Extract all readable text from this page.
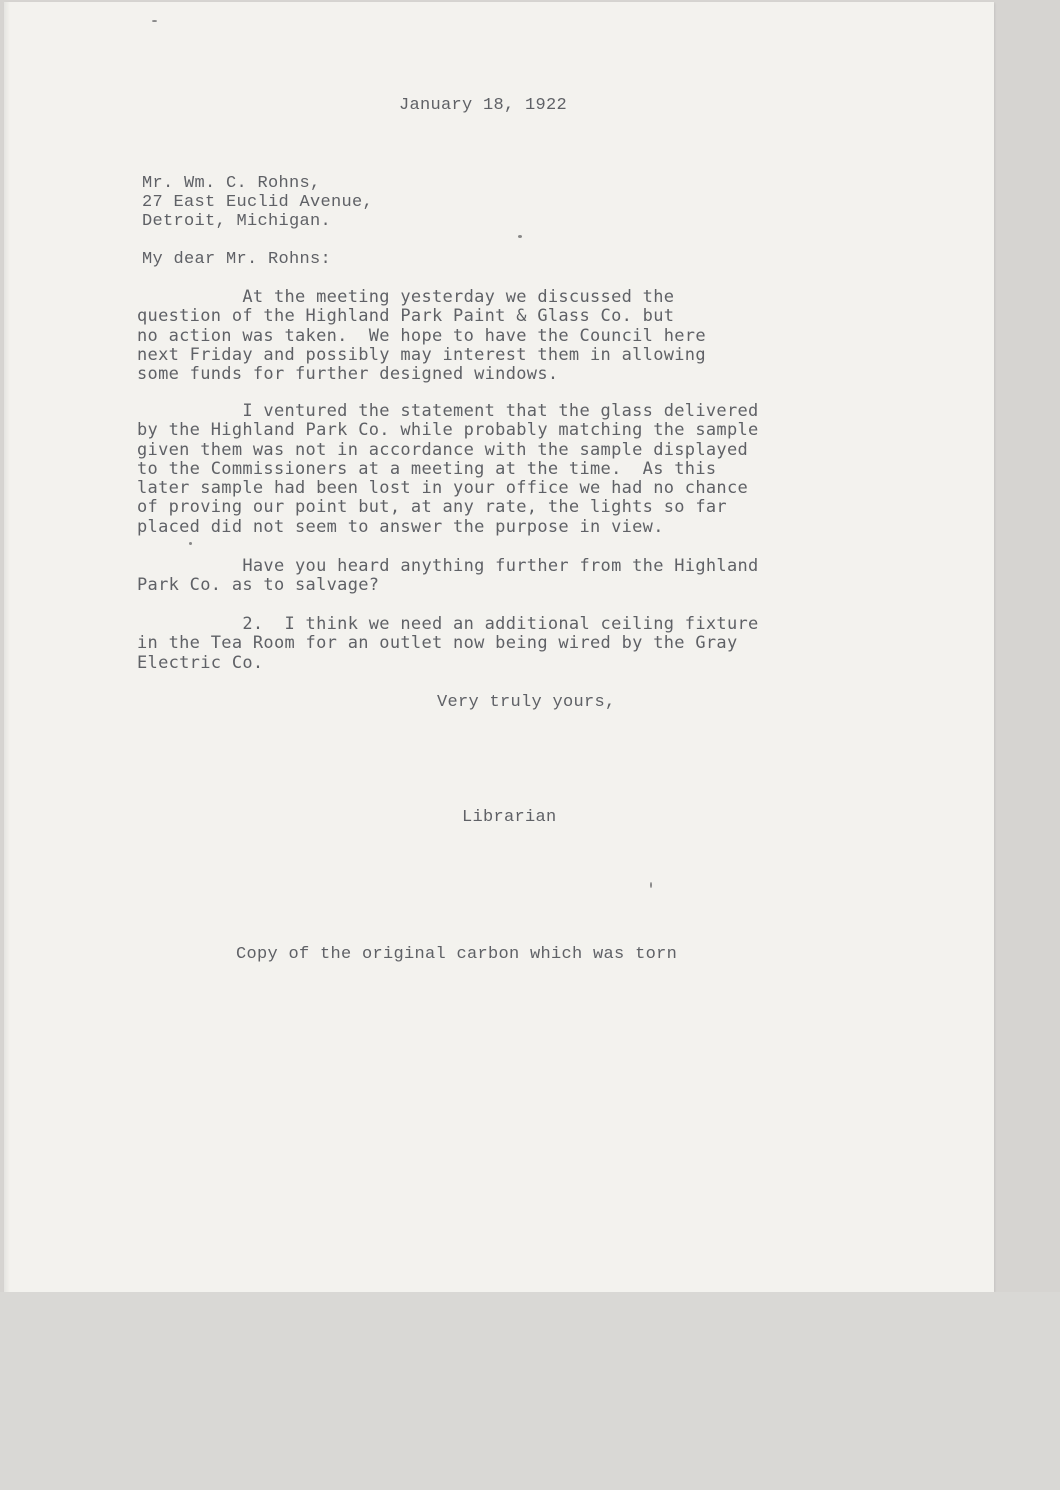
January 18, 1922
Mr. Wm. C. Rohns,
27 East Euclid Avenue,
Detroit, Michigan.
My dear Mr. Rohns:
At the meeting yesterday we discussed the
question of the Highland Park Paint & Glass Co. but
no action was taken.  We hope to have the Council here
next Friday and possibly may interest them in allowing
some funds for further designed windows.
I ventured the statement that the glass delivered
by the Highland Park Co. while probably matching the sample
given them was not in accordance with the sample displayed
to the Commissioners at a meeting at the time.  As this
later sample had been lost in your office we had no chance
of proving our point but, at any rate, the lights so far
placed did not seem to answer the purpose in view.
Have you heard anything further from the Highland
Park Co. as to salvage?
2.  I think we need an additional ceiling fixture
in the Tea Room for an outlet now being wired by the Gray
Electric Co.
Very truly yours,
Librarian
Copy of the original carbon which was torn
